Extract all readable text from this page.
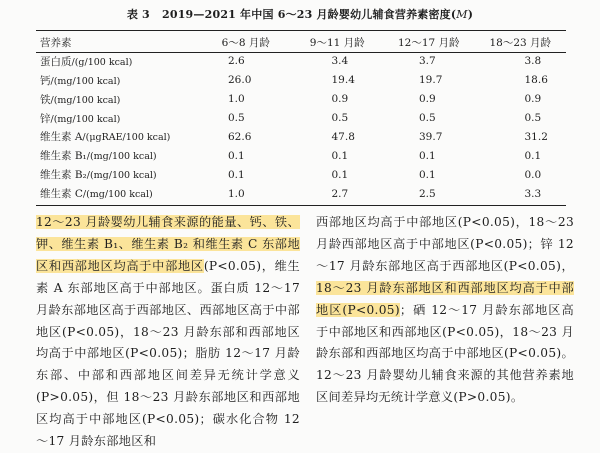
表 3 2019—2021 年中国 6～23 月龄婴幼儿辅食营养素密度(M)
营养素	6～8 月龄	9～11 月龄	12～17 月龄	18～23 月龄
蛋白质/(g/100 kcal)	2.6	3.4	3.7	3.8
钙/(mg/100 kcal)	26.0	19.4	19.7	18.6
铁/(mg/100 kcal)	1.0	0.9	0.9	0.9
锌/(mg/100 kcal)	0.5	0.5	0.5	0.5
维生素 A/(μgRAE/100 kcal)	62.6	47.8	39.7	31.2
维生素 B₁/(mg/100 kcal)	0.1	0.1	0.1	0.1
维生素 B₂/(mg/100 kcal)	0.1	0.1	0.1	0.0
维生素 C/(mg/100 kcal)	1.0	2.7	2.5	3.3
12～23 月龄婴幼儿辅食来源的能量、钙、铁、钾、维生素 B₁、维生素 B₂ 和维生素 C 东部地区和西部地区均高于中部地区(P<0.05)，维生素 A 东部地区高于中部地区。蛋白质 12～17 月龄东部地区高于西部地区、西部地区高于中部地区(P<0.05)，18～23 月龄东部和西部地区均高于中部地区(P<0.05)；脂肪 12～17 月龄东部、中部和西部地区间差异无统计学意义(P>0.05)，但 18～23 月龄东部地区和西部地区均高于中部地区(P<0.05)；碳水化合物 12～17 月龄东部地区和
西部地区均高于中部地区(P<0.05)，18～23 月龄西部地区高于中部地区(P<0.05)；锌 12～17 月龄东部地区高于西部地区(P<0.05)，18～23 月龄东部地区和西部地区均高于中部地区(P<0.05)；硒 12～17 月龄东部地区高于中部地区和西部地区(P<0.05)，18～23 月龄东部和西部地区均高于中部地区(P<0.05)。12～23 月龄婴幼儿辅食来源的其他营养素地区间差异均无统计学意义(P>0.05)。
